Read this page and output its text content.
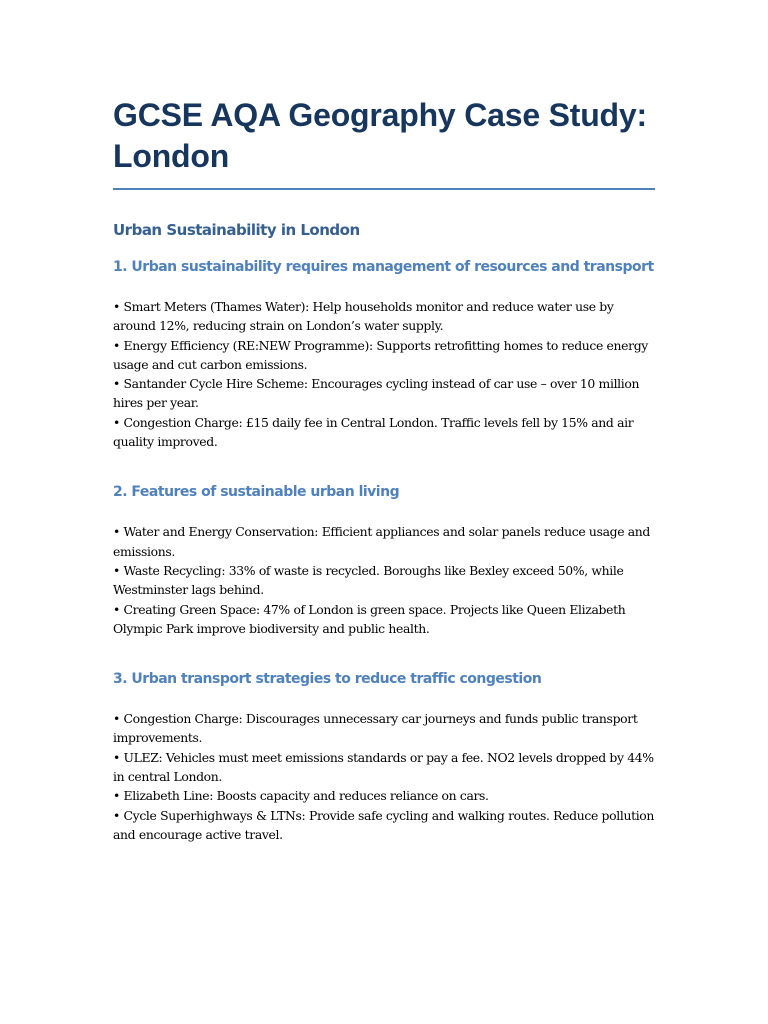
GCSE AQA Geography Case Study: London
Urban Sustainability in London
1. Urban sustainability requires management of resources and transport
• Smart Meters (Thames Water): Help households monitor and reduce water use by around 12%, reducing strain on London’s water supply.
• Energy Efficiency (RE:NEW Programme): Supports retrofitting homes to reduce energy usage and cut carbon emissions.
• Santander Cycle Hire Scheme: Encourages cycling instead of car use – over 10 million hires per year.
• Congestion Charge: £15 daily fee in Central London. Traffic levels fell by 15% and air quality improved.
2. Features of sustainable urban living
• Water and Energy Conservation: Efficient appliances and solar panels reduce usage and emissions.
• Waste Recycling: 33% of waste is recycled. Boroughs like Bexley exceed 50%, while Westminster lags behind.
• Creating Green Space: 47% of London is green space. Projects like Queen Elizabeth Olympic Park improve biodiversity and public health.
3. Urban transport strategies to reduce traffic congestion
• Congestion Charge: Discourages unnecessary car journeys and funds public transport improvements.
• ULEZ: Vehicles must meet emissions standards or pay a fee. NO2 levels dropped by 44% in central London.
• Elizabeth Line: Boosts capacity and reduces reliance on cars.
• Cycle Superhighways & LTNs: Provide safe cycling and walking routes. Reduce pollution and encourage active travel.
